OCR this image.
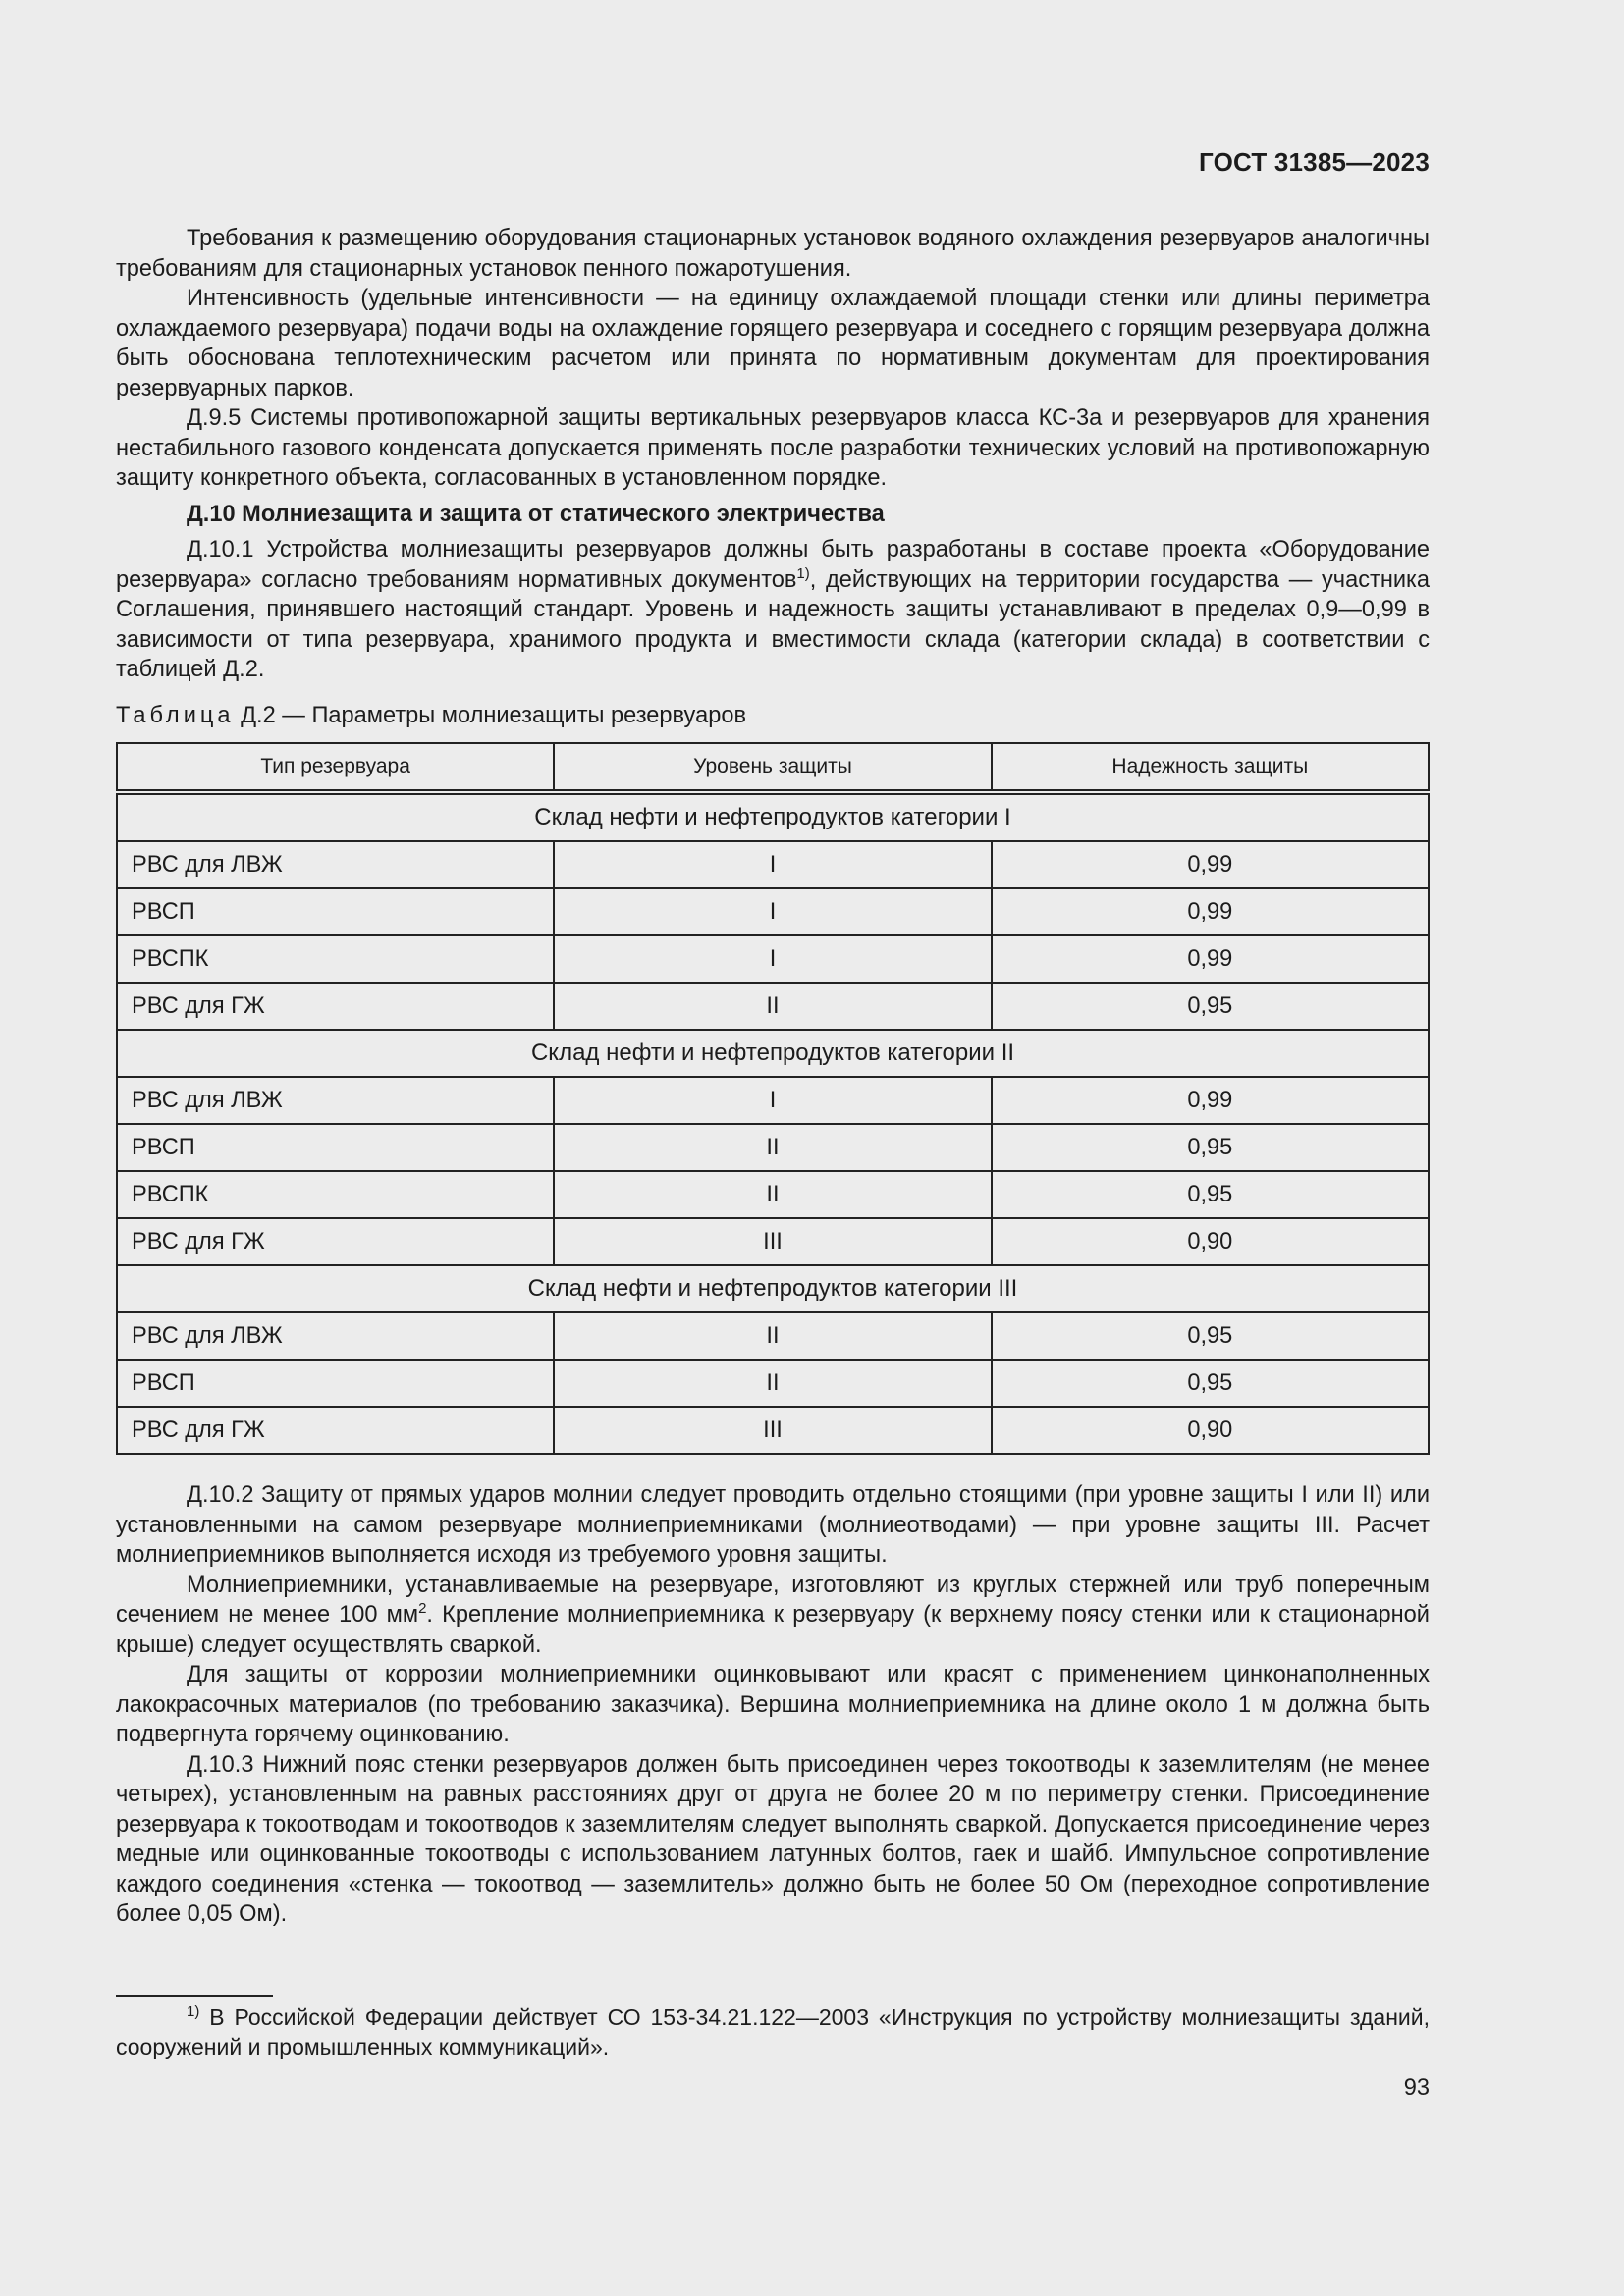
ГОСТ 31385—2023

Требования к размещению оборудования стационарных установок водяного охлаждения резервуаров аналогичны требованиям для стационарных установок пенного пожаротушения.

Интенсивность (удельные интенсивности — на единицу охлаждаемой площади стенки или длины периметра охлаждаемого резервуара) подачи воды на охлаждение горящего резервуара и соседнего с горящим резервуара должна быть обоснована теплотехническим расчетом или принята по нормативным документам для проектирования резервуарных парков.

Д.9.5 Системы противопожарной защиты вертикальных резервуаров класса КС-3а и резервуаров для хранения нестабильного газового конденсата допускается применять после разработки технических условий на противопожарную защиту конкретного объекта, согласованных в установленном порядке.

Д.10 Молниезащита и защита от статического электричества

Д.10.1 Устройства молниезащиты резервуаров должны быть разработаны в составе проекта «Оборудование резервуара» согласно требованиям нормативных документов$^{1)}$, действующих на территории государства — участника Соглашения, принявшего настоящий стандарт. Уровень и надежность защиты устанавливают в пределах 0,9—0,99 в зависимости от типа резервуара, хранимого продукта и вместимости склада (категории склада) в соответствии с таблицей Д.2.

Таблица Д.2 — Параметры молниезащиты резервуаров
Тип резервуара	Уровень защиты	Надежность защиты
Склад нефти и нефтепродуктов категории I		
РВС для ЛВЖ	I	0,99
РВСП	I	0,99
РВСПК	I	0,99
РВС для ГЖ	II	0,95
Склад нефти и нефтепродуктов категории II		
РВС для ЛВЖ	I	0,99
РВСП	II	0,95
РВСПК	II	0,95
РВС для ГЖ	III	0,90
Склад нефти и нефтепродуктов категории III		
РВС для ЛВЖ	II	0,95
РВСП	II	0,95
РВС для ГЖ	III	0,90

Д.10.2 Защиту от прямых ударов молнии следует проводить отдельно стоящими (при уровне защиты I или II) или установленными на самом резервуаре молниеприемниками (молниеотводами) — при уровне защиты III. Расчет молниеприемников выполняется исходя из требуемого уровня защиты.

Молниеприемники, устанавливаемые на резервуаре, изготовляют из круглых стержней или труб поперечным сечением не менее 100 $мм^2$. Крепление молниеприемника к резервуару (к верхнему поясу стенки или к стационарной крыше) следует осуществлять сваркой.

Для защиты от коррозии молниеприемники оцинковывают или красят с применением цинконаполненных лакокрасочных материалов (по требованию заказчика). Вершина молниеприемника на длине около 1 м должна быть подвергнута горячему оцинкованию.

Д.10.3 Нижний пояс стенки резервуаров должен быть присоединен через токоотводы к заземлителям (не менее четырех), установленным на равных расстояниях друг от друга не более 20 м по периметру стенки. Присоединение резервуара к токоотводам и токоотводов к заземлителям следует выполнять сваркой. Допускается присоединение через медные или оцинкованные токоотводы с использованием латунных болтов, гаек и шайб. Импульсное сопротивление каждого соединения «стенка — токоотвод — заземлитель» должно быть не более 50 Ом (переходное сопротивление более 0,05 Ом).

$^{1)}$ В Российской Федерации действует СО 153-34.21.122—2003 «Инструкция по устройству молниезащиты зданий, сооружений и промышленных коммуникаций».
93
